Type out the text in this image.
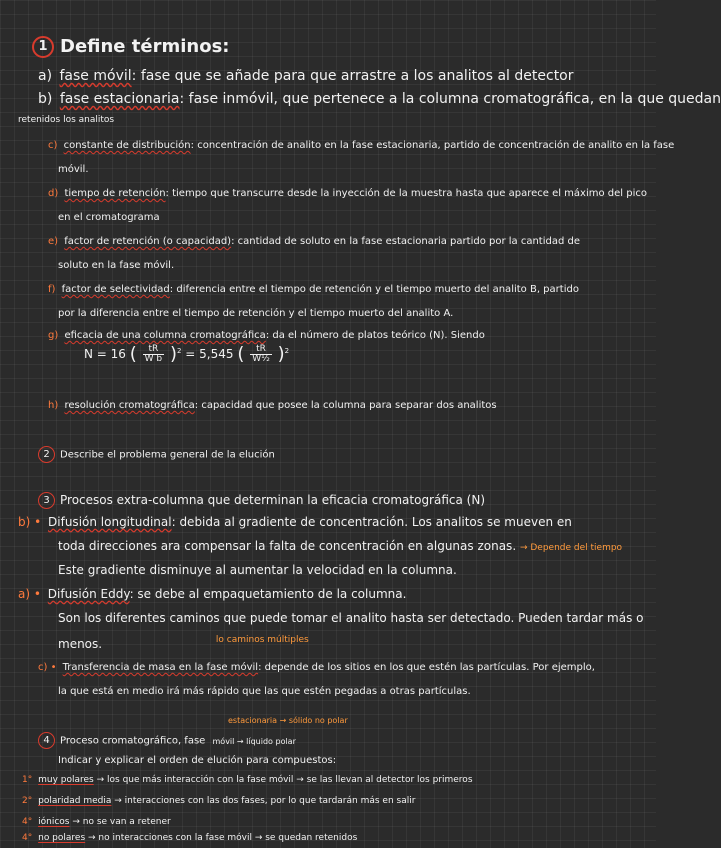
1 Define términos:
a) fase móvil: fase que se añade para que arrastre a los analitos al detector
b) fase estacionaria: fase inmóvil, que pertenece a la columna cromatográfica, en la que quedan
retenidos los analitos
c) constante de distribución: concentración de analito en la fase estacionaria, partido de concentración de analito en la fase
móvil.
d) tiempo de retención: tiempo que transcurre desde la inyección de la muestra hasta que aparece el máximo del pico
en el cromatograma
e) factor de retención (o capacidad): cantidad de soluto en la fase estacionaria partido por la cantidad de
soluto en la fase móvil.
f) factor de selectividad: diferencia entre el tiempo de retención y el tiempo muerto del analito B, partido
por la diferencia entre el tiempo de retención y el tiempo muerto del analito A.
g) eficacia de una columna cromatográfica: da el número de platos teórico (N). Siendo
N = 16 ( $\frac{tR}{\text{W b}} )^2 = 5,545$ ( $\frac{tR}{\text{W½}} )^2$
h) resolución cromatográfica: capacidad que posee la columna para separar dos analitos
2 Describe el problema general de la elución
3 Procesos extra-columna que determinan la eficacia cromatográfica (N)
b) • Difusión longitudinal: debida al gradiente de concentración. Los analitos se mueven en
toda direcciones ara compensar la falta de concentración en algunas zonas. → Depende del tiempo
Este gradiente disminuye al aumentar la velocidad en la columna.
a) • Difusión Eddy: se debe al empaquetamiento de la columna.
Son los diferentes caminos que puede tomar el analito hasta ser detectado. Pueden tardar más o
menos.	$^{lo caminos múltiples}$
c) • Transferencia de masa en la fase móvil: depende de los sitios en los que estén las partículas. Por ejemplo,
la que está en medio irá más rápido que las que estén pegadas a otras partículas.
estacionaria → sólido no polar
4 Proceso cromatográfico, fase móvil → líquido polar
Indicar y explicar el orden de elución para compuestos:
1° muy polares → los que más interacción con la fase móvil → se las llevan al detector los primeros
2° polaridad media → interacciones con las dos fases, por lo que tardarán más en salir
4° iónicos → no se van a retener
4° no polares → no interacciones con la fase móvil → se quedan retenidos
